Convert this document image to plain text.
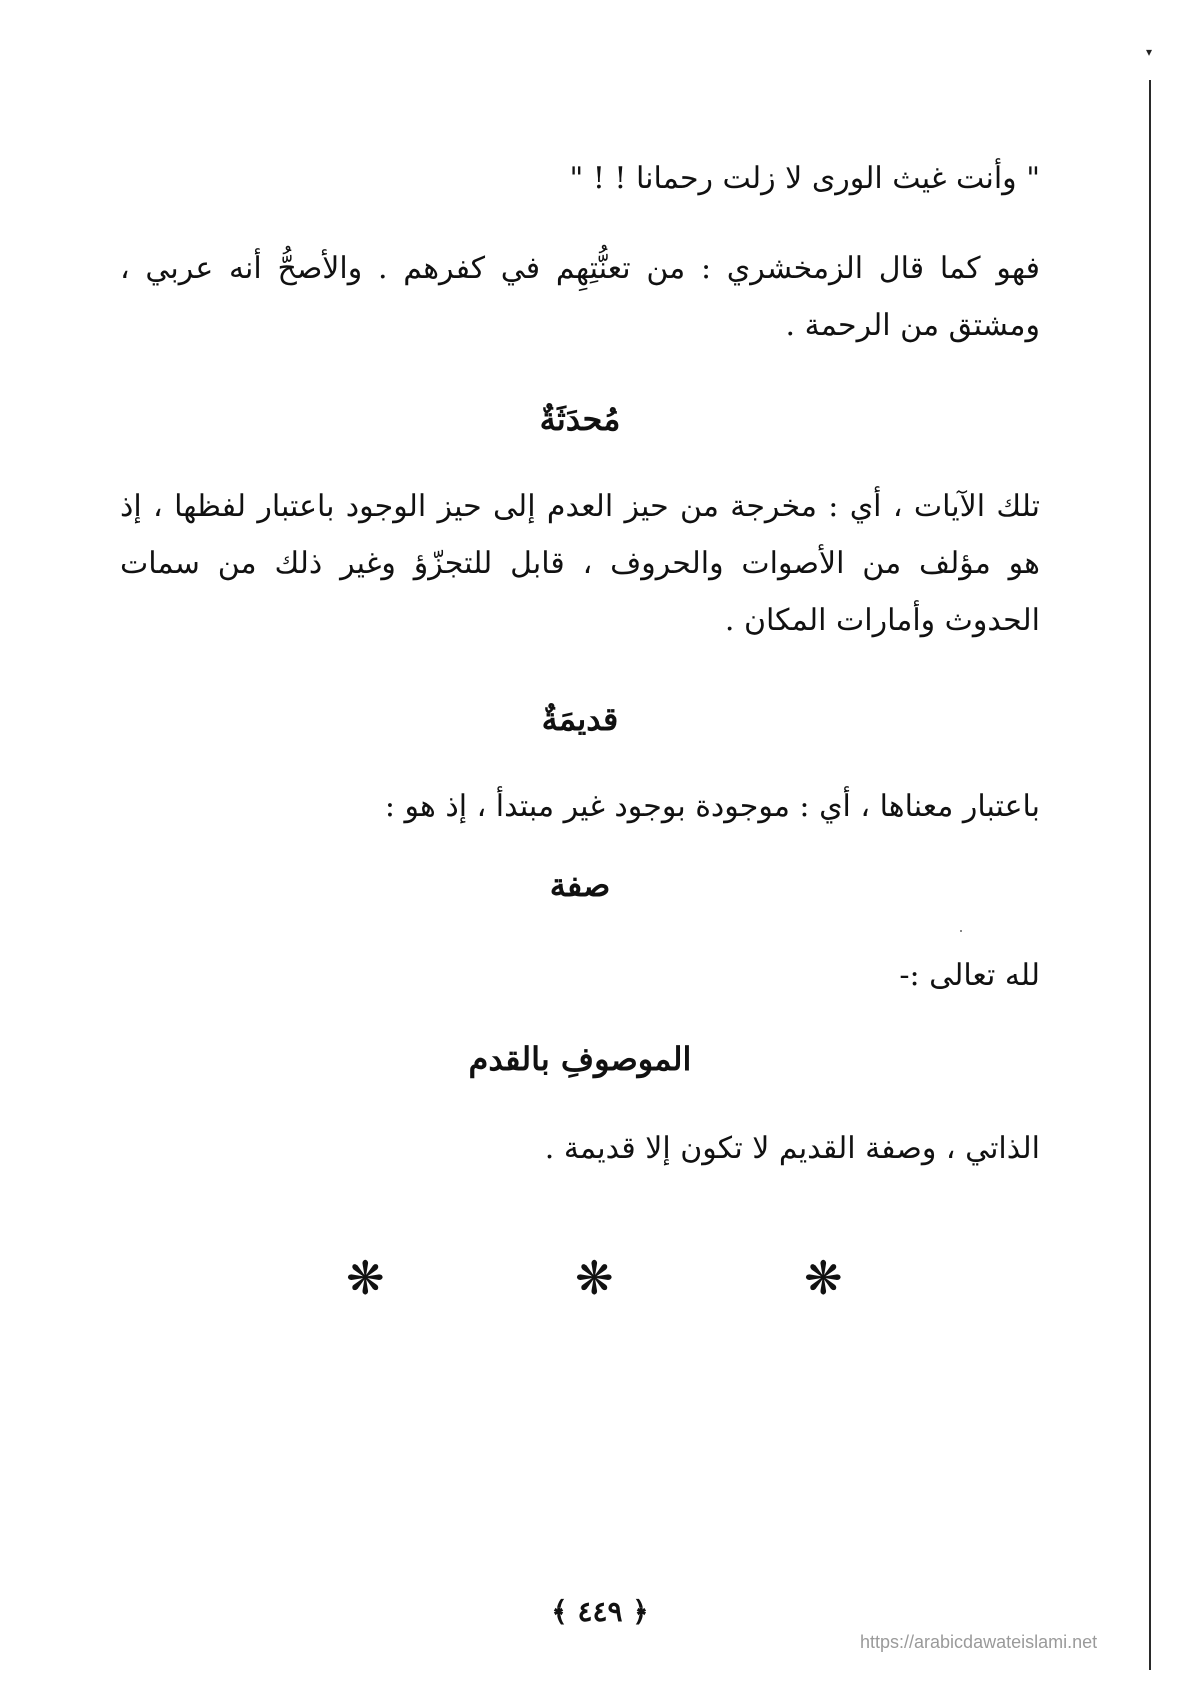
▾

" وأنت غيث الورى لا زلت رحمانا ! ! "

فهو كما قال الزمخشري : من تعنُّتِهِم في كفرهم . والأصحُّ أنه عربي ، ومشتق من الرحمة .

مُحدَثَةٌ

تلك الآيات ، أي : مخرجة من حيز العدم إلى حيز الوجود باعتبار لفظها ، إذ هو مؤلف من الأصوات والحروف ، قابل للتجزّؤ وغير ذلك من سمات الحدوث وأمارات المكان .

قديمَةٌ

باعتبار معناها ، أي : موجودة بوجود غير مبتدأ ، إذ هو :

صفة

لله تعالى :-

الموصوفِ بالقدم

الذاتي ، وصفة القديم لا تكون إلا قديمة .

❋	❋	❋
﴿ ٤٤٩ ﴾
https://arabicdawateislami.net
